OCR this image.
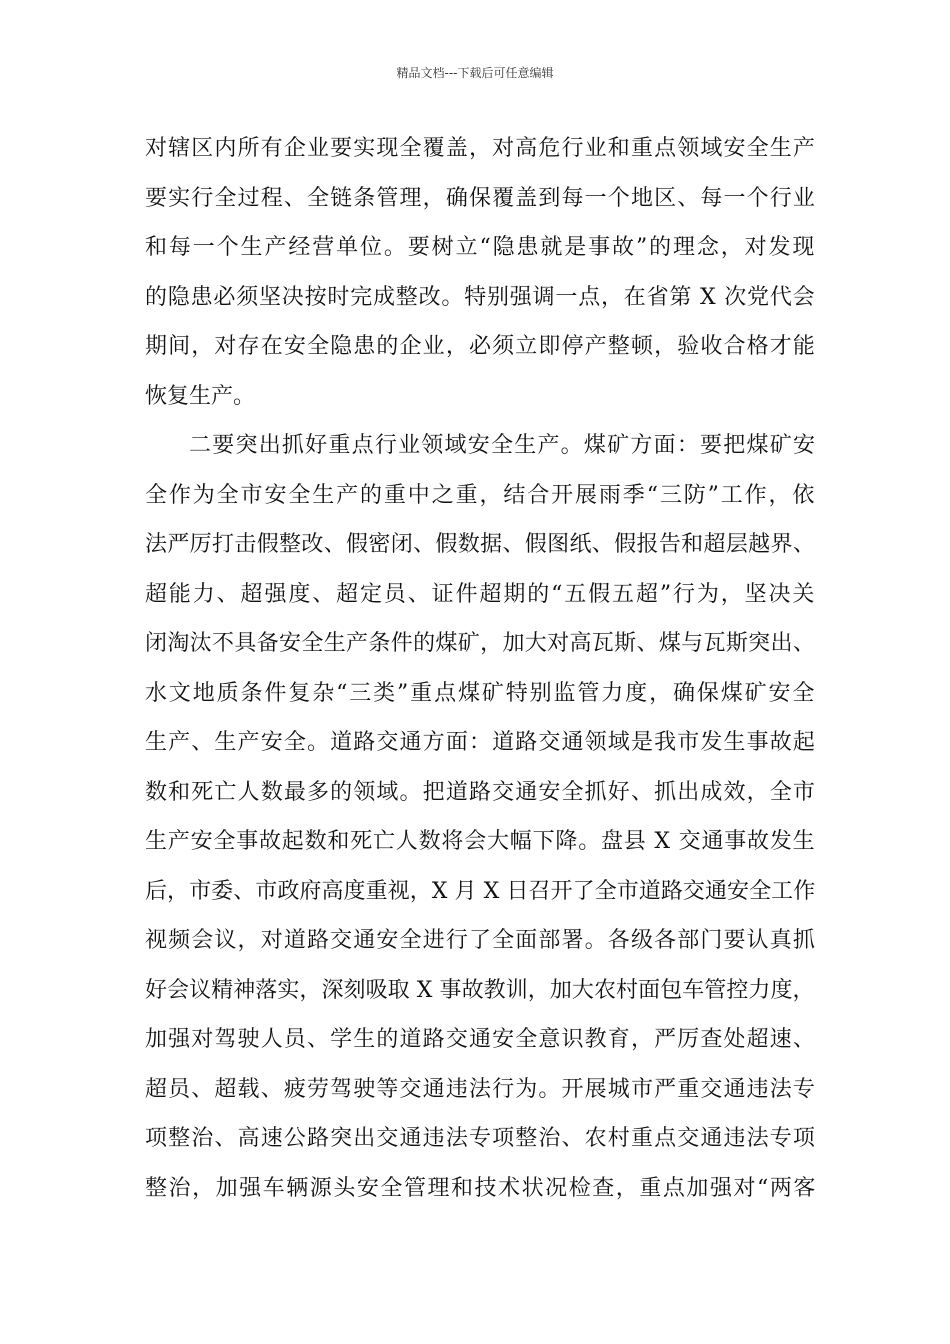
精品文档---下载后可任意编辑
对辖区内所有企业要实现全覆盖，对高危行业和重点领域安全生产
要实行全过程、全链条管理，确保覆盖到每一个地区、每一个行业
和每一个生产经营单位。要树立“隐患就是事故”的理念，对发现
的隐患必须坚决按时完成整改。特别强调一点，在省第 X 次党代会
期间，对存在安全隐患的企业，必须立即停产整顿，验收合格才能
恢复生产。
二要突出抓好重点行业领域安全生产。煤矿方面：要把煤矿安
全作为全市安全生产的重中之重，结合开展雨季“三防”工作，依
法严厉打击假整改、假密闭、假数据、假图纸、假报告和超层越界、
超能力、超强度、超定员、证件超期的“五假五超”行为，坚决关
闭淘汰不具备安全生产条件的煤矿，加大对高瓦斯、煤与瓦斯突出、
水文地质条件复杂“三类”重点煤矿特别监管力度，确保煤矿安全
生产、生产安全。道路交通方面：道路交通领域是我市发生事故起
数和死亡人数最多的领域。把道路交通安全抓好、抓出成效，全市
生产安全事故起数和死亡人数将会大幅下降。盘县 X 交通事故发生
后，市委、市政府高度重视，X 月 X 日召开了全市道路交通安全工作
视频会议，对道路交通安全进行了全面部署。各级各部门要认真抓
好会议精神落实，深刻吸取 X 事故教训，加大农村面包车管控力度，
加强对驾驶人员、学生的道路交通安全意识教育，严厉查处超速、
超员、超载、疲劳驾驶等交通违法行为。开展城市严重交通违法专
项整治、高速公路突出交通违法专项整治、农村重点交通违法专项
整治，加强车辆源头安全管理和技术状况检查，重点加强对“两客
